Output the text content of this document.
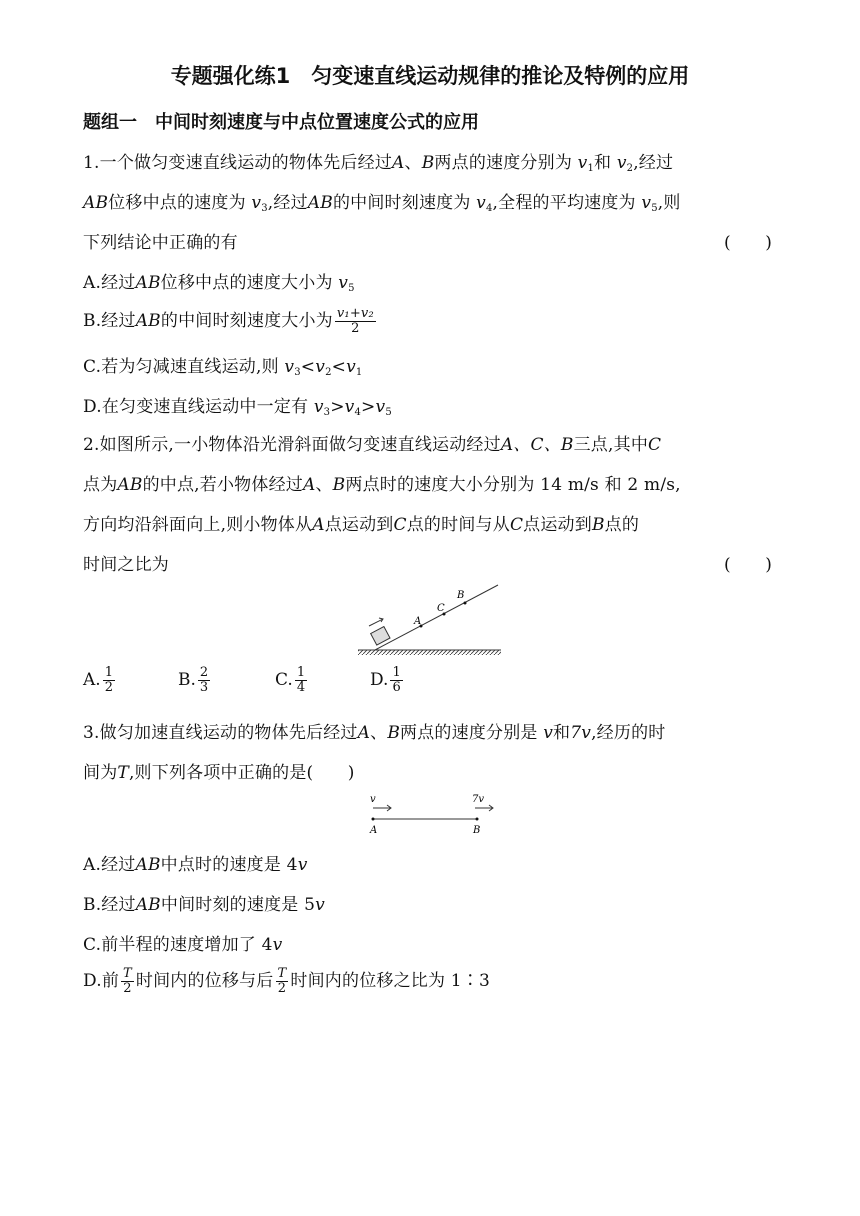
专题强化练1　匀变速直线运动规律的推论及特例的应用
题组一　中间时刻速度与中点位置速度公式的应用
1.一个做匀变速直线运动的物体先后经过A、B两点的速度分别为 $v_1$和 $v_2$,经过
AB位移中点的速度为 $v_3$,经过AB的中间时刻速度为 $v_4$,全程的平均速度为 $v_5$,则
下列结论中正确的有	(　　)
A.经过AB位移中点的速度大小为 $v_5$
B.经过AB的中间时刻速度大小为 $\frac{\text{v₁+v₂}}{2}$
C.若为匀减速直线运动,则 $v_3<v_2<v_1$
D.在匀变速直线运动中一定有 $v_3>v_4>v_5$
2.如图所示,一小物体沿光滑斜面做匀变速直线运动经过A、C、B三点,其中C
点为AB的中点,若小物体经过A、B两点时的速度大小分别为 14 m/s 和 2 m/s,
方向均沿斜面向上,则小物体从A点运动到C点的时间与从C点运动到B点的
时间之比为	(　　)
A
C
B
A. $\frac{1}{2}$	B. $\frac{2}{3}$	C. $\frac{1}{4}$	D. $\frac{1}{6}$
3.做匀加速直线运动的物体先后经过A、B两点的速度分别是 v和7v,经历的时
间为T,则下列各项中正确的是(　　)
v	7v
A	B
A.经过AB中点时的速度是 4v
B.经过AB中间时刻的速度是 5v
C.前半程的速度增加了 4v
D.前 $\frac{T}{2}$ 时间内的位移与后 $\frac{T}{2}$ 时间内的位移之比为 1∶3
